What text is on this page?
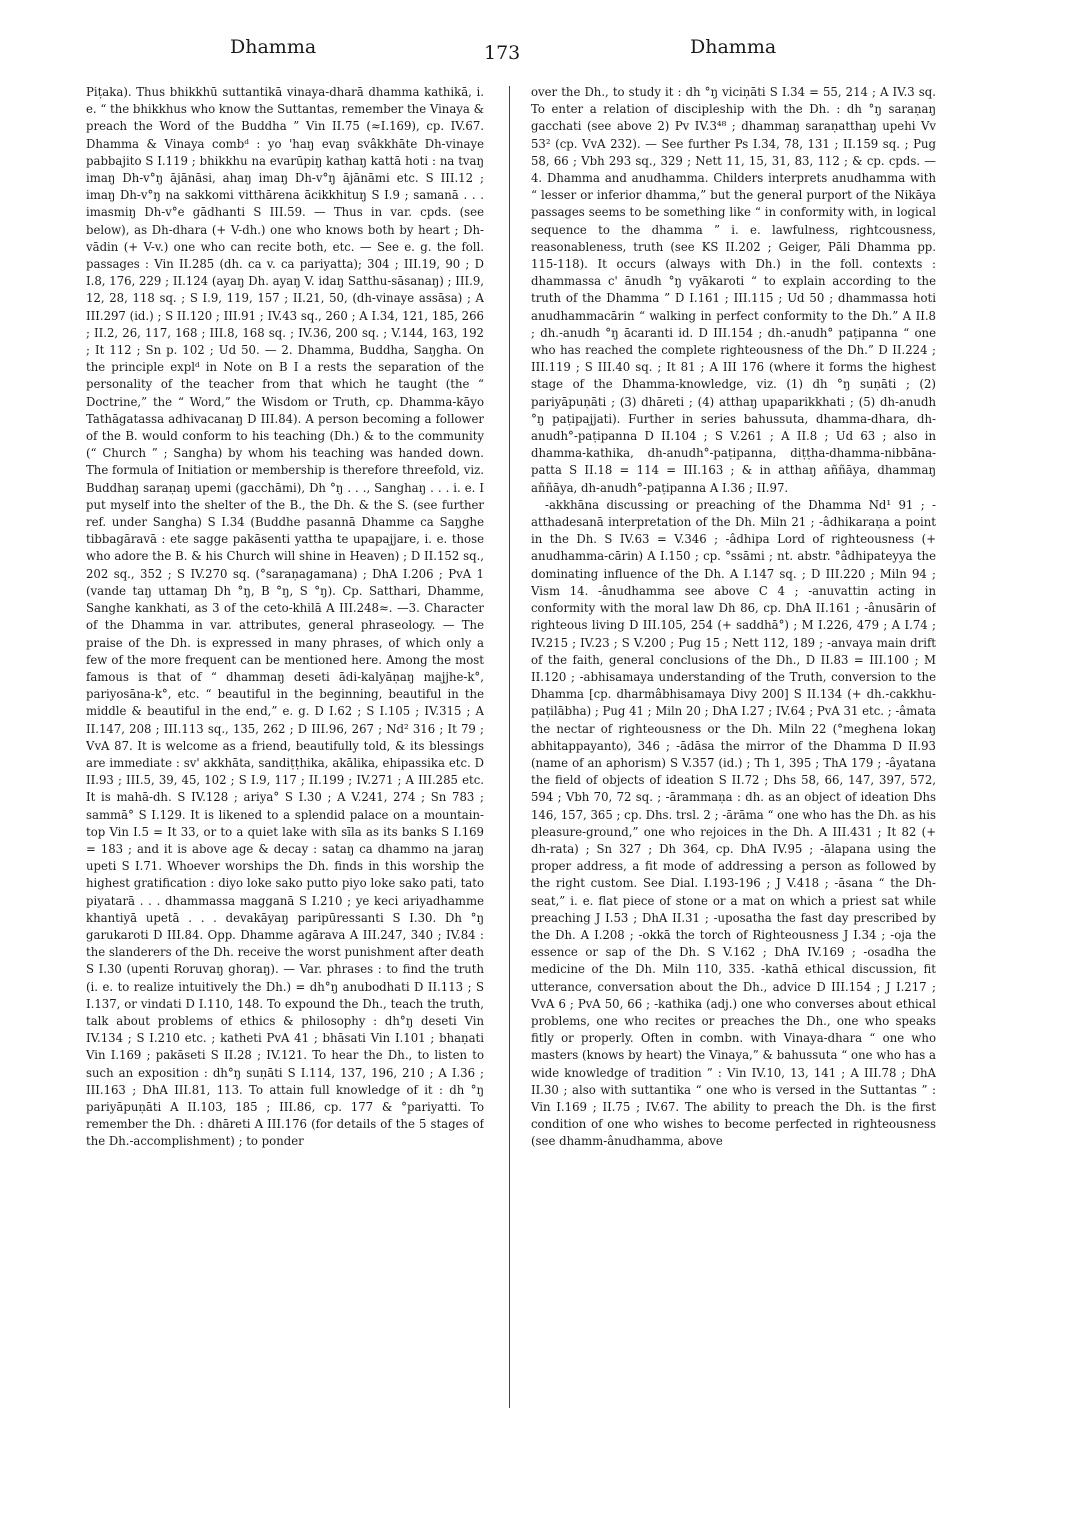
Dhamma	173	Dhamma

Piṭaka). Thus bhikkhū suttantikā vinaya-dharā dhamma kathikā, i. e. “ the bhikkhus who know the Suttantas, remember the Vinaya & preach the Word of the Buddha ” Vin II.75 (≈I.169), cp. IV.67. Dhamma & Vinaya combᵈ : yo 'haŋ evaŋ svâkkhāte Dh-vinaye pabbajito S I.119 ; bhikkhu na evarūpiŋ kathaŋ kattā hoti : na tvaŋ imaŋ Dh-v°ŋ ājānāsi, ahaŋ imaŋ Dh-v°ŋ ājānāmi etc. S III.12 ; imaŋ Dh-v°ŋ na sakkomi vitthārena ācikkhituŋ S I.9 ; samanā . . . imasmiŋ Dh-v°e gādhanti S III.59. — Thus in var. cpds. (see below), as Dh-dhara (+ V-dh.) one who knows both by heart ; Dh-vādin (+ V-v.) one who can recite both, etc. — See e. g. the foll. passages : Vin II.285 (dh. ca v. ca pariyatta); 304 ; III.19, 90 ; D I.8, 176, 229 ; II.124 (ayaŋ Dh. ayaŋ V. idaŋ Satthu-sāsanaŋ) ; III.9, 12, 28, 118 sq. ; S I.9, 119, 157 ; II.21, 50, (dh-vinaye assāsa) ; A III.297 (id.) ; S II.120 ; III.91 ; IV.43 sq., 260 ; A I.34, 121, 185, 266 ; II.2, 26, 117, 168 ; III.8, 168 sq. ; IV.36, 200 sq. ; V.144, 163, 192 ; It 112 ; Sn p. 102 ; Ud 50. — 2. Dhamma, Buddha, Saŋgha. On the principle explᵈ in Note on B I a rests the separation of the personality of the teacher from that which he taught (the “ Doctrine,” the “ Word,” the Wisdom or Truth, cp. Dhamma-kāyo Tathāgatassa adhivacanaŋ D III.84). A person becoming a follower of the B. would conform to his teaching (Dh.) & to the community (“ Church ” ; Sangha) by whom his teaching was handed down. The formula of Initiation or membership is therefore threefold, viz. Buddhaŋ saraṇaŋ upemi (gacchāmi), Dh °ŋ . . ., Sanghaŋ . . . i. e. I put myself into the shelter of the B., the Dh. & the S. (see further ref. under Sangha) S I.34 (Buddhe pasannā Dhamme ca Saŋghe tibbagāravā : ete sagge pakāsenti yattha te upapajjare, i. e. those who adore the B. & his Church will shine in Heaven) ; D II.152 sq., 202 sq., 352 ; S IV.270 sq. (°saraṇagamana) ; DhA I.206 ; PvA 1 (vande taŋ uttamaŋ Dh °ŋ, B °ŋ, S °ŋ). Cp. Satthari, Dhamme, Sanghe kankhati, as 3 of the ceto-khilā A III.248≈. —3. Character of the Dhamma in var. attributes, general phraseology. — The praise of the Dh. is expressed in many phrases, of which only a few of the more frequent can be mentioned here. Among the most famous is that of “ dhammaŋ deseti ādi-kalyāṇaŋ majjhe-k°, pariyosāna-k°, etc. “ beautiful in the beginning, beautiful in the middle & beautiful in the end,” e. g. D I.62 ; S I.105 ; IV.315 ; A II.147, 208 ; III.113 sq., 135, 262 ; D III.96, 267 ; Nd² 316 ; It 79 ; VvA 87. It is welcome as a friend, beautifully told, & its blessings are immediate : sv' akkhāta, sandiṭṭhika, akālika, ehipassika etc. D II.93 ; III.5, 39, 45, 102 ; S I.9, 117 ; II.199 ; IV.271 ; A III.285 etc. It is mahā-dh. S IV.128 ; ariya° S I.30 ; A V.241, 274 ; Sn 783 ; sammā° S I.129. It is likened to a splendid palace on a mountain-top Vin I.5 = It 33, or to a quiet lake with sīla as its banks S I.169 = 183 ; and it is above age & decay : sataŋ ca dhammo na jaraŋ upeti S I.71. Whoever worships the Dh. finds in this worship the highest gratification : diyo loke sako putto piyo loke sako pati, tato piyatarā . . . dhammassa magganā S I.210 ; ye keci ariyadhamme khantiyā upetā . . . devakāyaŋ paripūressanti S I.30. Dh °ŋ garukaroti D III.84. Opp. Dhamme agārava A III.247, 340 ; IV.84 : the slanderers of the Dh. receive the worst punishment after death S I.30 (upenti Roruvaŋ ghoraŋ). — Var. phrases : to find the truth (i. e. to realize intuitively the Dh.) = dh°ŋ anubodhati D II.113 ; S I.137, or vindati D I.110, 148. To expound the Dh., teach the truth, talk about problems of ethics & philosophy : dh°ŋ deseti Vin IV.134 ; S I.210 etc. ; katheti PvA 41 ; bhāsati Vin I.101 ; bhaṇati Vin I.169 ; pakāseti S II.28 ; IV.121. To hear the Dh., to listen to such an exposition : dh°ŋ suṇāti S I.114, 137, 196, 210 ; A I.36 ; III.163 ; DhA III.81, 113. To attain full knowledge of it : dh °ŋ pariyāpuṇāti A II.103, 185 ; III.86, cp. 177 & °pariyatti. To remember the Dh. : dhāreti A III.176 (for details of the 5 stages of the Dh.-accomplishment) ; to ponder

over the Dh., to study it : dh °ŋ viciṇāti S I.34 = 55, 214 ; A IV.3 sq. To enter a relation of discipleship with the Dh. : dh °ŋ saraṇaŋ gacchati (see above 2) Pv IV.3⁴⁸ ; dhammaŋ saraṇatthaŋ upehi Vv 53² (cp. VvA 232). — See further Ps I.34, 78, 131 ; II.159 sq. ; Pug 58, 66 ; Vbh 293 sq., 329 ; Nett 11, 15, 31, 83, 112 ; & cp. cpds. — 4. Dhamma and anudhamma. Childers interprets anudhamma with “ lesser or inferior dhamma,” but the general purport of the Nikāya passages seems to be something like “ in conformity with, in logical sequence to the dhamma ” i. e. lawfulness, rightcousness, reasonableness, truth (see KS II.202 ; Geiger, Pāli Dhamma pp. 115-118). It occurs (always with Dh.) in the foll. contexts : dhammassa c' ānudh °ŋ vyākaroti “ to explain according to the truth of the Dhamma ” D I.161 ; III.115 ; Ud 50 ; dhammassa hoti anudhammacārin “ walking in perfect conformity to the Dh.” A II.8 ; dh.-anudh °ŋ ācaranti id. D III.154 ; dh.-anudh° paṭipanna “ one who has reached the complete righteousness of the Dh.” D II.224 ; III.119 ; S III.40 sq. ; It 81 ; A III 176 (where it forms the highest stage of the Dhamma-knowledge, viz. (1) dh °ŋ suṇāti ; (2) pariyāpuṇāti ; (3) dhāreti ; (4) atthaŋ upaparikkhati ; (5) dh-anudh °ŋ paṭipajjati). Further in series bahussuta, dhamma-dhara, dh-anudh°-paṭipanna D II.104 ; S V.261 ; A II.8 ; Ud 63 ; also in dhamma-kathika, dh-anudh°-paṭipanna, diṭṭha-dhamma-nibbāna-patta S II.18 = 114 = III.163 ; & in atthaŋ aññāya, dhammaŋ aññāya, dh-anudh°-paṭipanna A I.36 ; II.97.

-akkhāna discussing or preaching of the Dhamma Nd¹ 91 ; -atthadesanā interpretation of the Dh. Miln 21 ; -âdhikaraṇa a point in the Dh. S IV.63 = V.346 ; -âdhipa Lord of righteousness (+ anudhamma-cārin) A I.150 ; cp. °ssāmi ; nt. abstr. °âdhipateyya the dominating influence of the Dh. A I.147 sq. ; D III.220 ; Miln 94 ; Vism 14. -ânudhamma see above C 4 ; -anuvattin acting in conformity with the moral law Dh 86, cp. DhA II.161 ; -ânusārin of righteous living D III.105, 254 (+ saddhā°) ; M I.226, 479 ; A I.74 ; IV.215 ; IV.23 ; S V.200 ; Pug 15 ; Nett 112, 189 ; -anvaya main drift of the faith, general conclusions of the Dh., D II.83 = III.100 ; M II.120 ; -abhisamaya understanding of the Truth, conversion to the Dhamma [cp. dharmâbhisamaya Divy 200] S II.134 (+ dh.-cakkhu-paṭilābha) ; Pug 41 ; Miln 20 ; DhA I.27 ; IV.64 ; PvA 31 etc. ; -âmata the nectar of righteousness or the Dh. Miln 22 (°meghena lokaŋ abhitappayanto), 346 ; -ādāsa the mirror of the Dhamma D II.93 (name of an aphorism) S V.357 (id.) ; Th 1, 395 ; ThA 179 ; -âyatana the field of objects of ideation S II.72 ; Dhs 58, 66, 147, 397, 572, 594 ; Vbh 70, 72 sq. ; -ārammaṇa : dh. as an object of ideation Dhs 146, 157, 365 ; cp. Dhs. trsl. 2 ; -ārāma “ one who has the Dh. as his pleasure-ground,” one who rejoices in the Dh. A III.431 ; It 82 (+ dh-rata) ; Sn 327 ; Dh 364, cp. DhA IV.95 ; -ālapana using the proper address, a fit mode of addressing a person as followed by the right custom. See Dial. I.193-196 ; J V.418 ; -āsana “ the Dh-seat,” i. e. flat piece of stone or a mat on which a priest sat while preaching J I.53 ; DhA II.31 ; -uposatha the fast day prescribed by the Dh. A I.208 ; -okkā the torch of Righteousness J I.34 ; -oja the essence or sap of the Dh. S V.162 ; DhA IV.169 ; -osadha the medicine of the Dh. Miln 110, 335. -kathā ethical discussion, fit utterance, conversation about the Dh., advice D III.154 ; J I.217 ; VvA 6 ; PvA 50, 66 ; -kathika (adj.) one who converses about ethical problems, one who recites or preaches the Dh., one who speaks fitly or properly. Often in combn. with Vinaya-dhara “ one who masters (knows by heart) the Vinaya,” & bahussuta “ one who has a wide knowledge of tradition ” : Vin IV.10, 13, 141 ; A III.78 ; DhA II.30 ; also with suttantika “ one who is versed in the Suttantas ” : Vin I.169 ; II.75 ; IV.67. The ability to preach the Dh. is the first condition of one who wishes to become perfected in righteousness (see dhamm-ânudhamma, above
